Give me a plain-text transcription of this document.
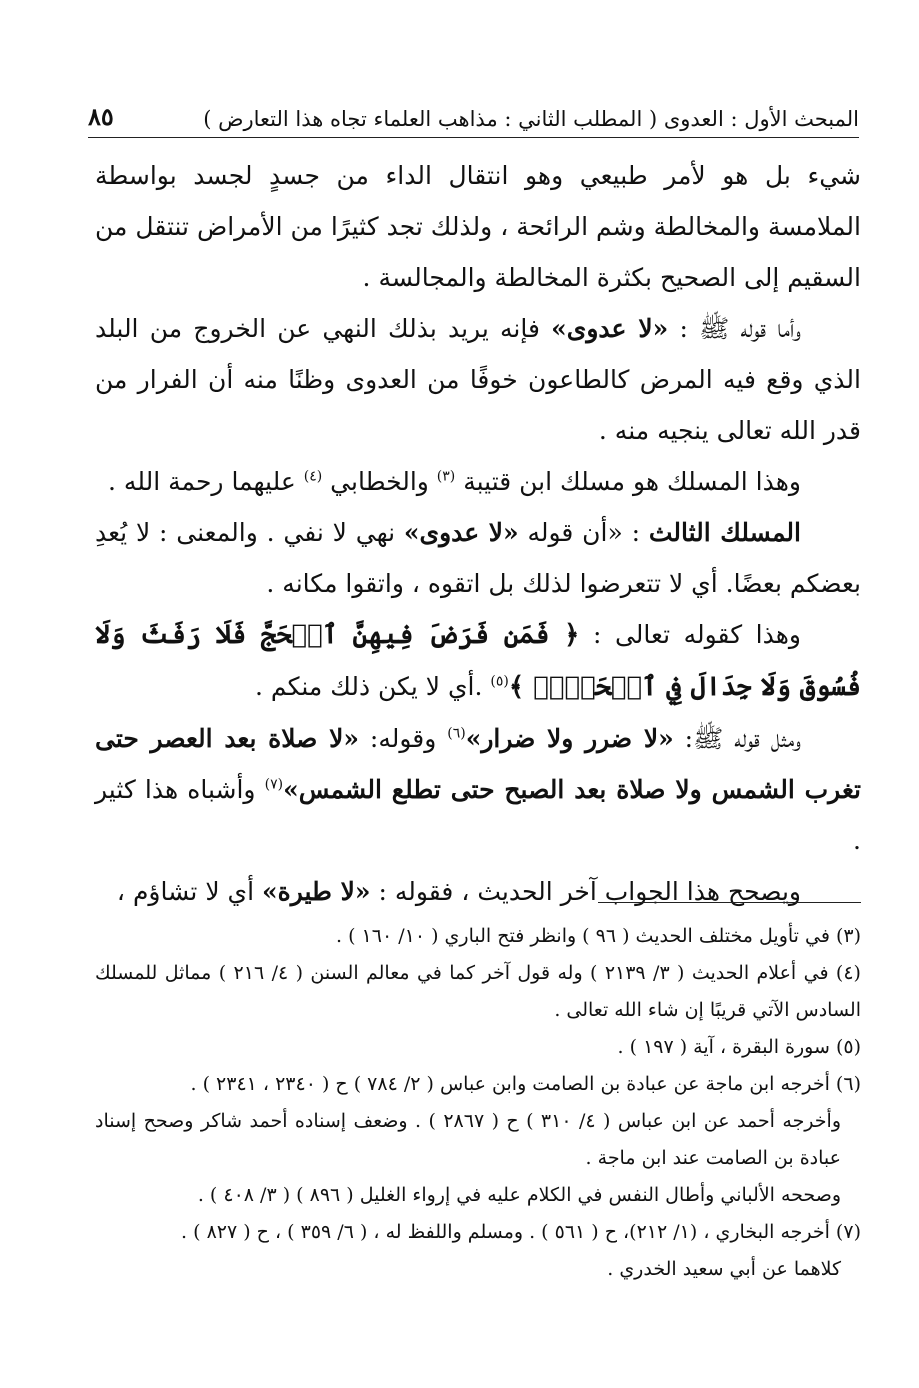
٨٥	المبحث الأول : العدوى ( المطلب الثاني : مذاهب العلماء تجاه هذا التعارض )

شيء بل هو لأمر طبيعي وهو انتقال الداء من جسدٍ لجسد بواسطة الملامسة والمخالطة وشم الرائحة ، ولذلك تجد كثيرًا من الأمراض تنتقل من السقيم إلى الصحيح بكثرة المخالطة والمجالسة .

وأما قوله ﷺ : «لا عدوى» فإنه يريد بذلك النهي عن الخروج من البلد الذي وقع فيه المرض كالطاعون خوفًا من العدوى وظنًا منه أن الفرار من قدر الله تعالى ينجيه منه .

وهذا المسلك هو مسلك ابن قتيبة $^{(٣)}$ والخطابي $^{(٤)}$ عليهما رحمة الله .

المسلك الثالث : «أن قوله «لا عدوى» نهي لا نفي . والمعنى : لا يُعدِ بعضكم بعضًا. أي لا تتعرضوا لذلك بل اتقوه ، واتقوا مكانه .

وهذا كقوله تعالى : ﴿ فَمَن فَرَضَ فِيهِنَّ ٱلۡحَجَّ فَلَا رَفَثَ وَلَا فُسُوقَ وَلَا جِدَالَ فِي ٱلۡحَجِّۗ ﴾$^{(٥)}$ .أي لا يكن ذلك منكم .

ومثل قوله ﷺ: «لا ضرر ولا ضرار»$^{(٦)}$ وقوله: «لا صلاة بعد العصر حتى تغرب الشمس ولا صلاة بعد الصبح حتى تطلع الشمس»$^{(٧)}$ وأشباه هذا كثير .

ويصحح هذا الجواب آخر الحديث ، فقوله : «لا طيرة» أي لا تشاؤم ،

(٣) في تأويل مختلف الحديث ( ٩٦ ) وانظر فتح الباري ( ١٠/ ١٦٠ ) .

(٤) في أعلام الحديث ( ٣/ ٢١٣٩ ) وله قول آخر كما في معالم السنن ( ٤/ ٢١٦ ) مماثل للمسلك السادس الآتي قريبًا إن شاء الله تعالى .

(٥) سورة البقرة ، آية ( ١٩٧ ) .

(٦) أخرجه ابن ماجة عن عبادة بن الصامت وابن عباس ( ٢/ ٧٨٤ ) ح ( ٢٣٤٠ ، ٢٣٤١ ) .

وأخرجه أحمد عن ابن عباس ( ٤/ ٣١٠ ) ح ( ٢٨٦٧ ) . وضعف إسناده أحمد شاكر وصحح إسناد عبادة بن الصامت عند ابن ماجة .

وصححه الألباني وأطال النفس في الكلام عليه في إرواء الغليل ( ٨٩٦ ) ( ٣/ ٤٠٨ ) .

(٧) أخرجه البخاري ، (١/ ٢١٢)، ح ( ٥٦١ ) . ومسلم واللفظ له ، ( ٦/ ٣٥٩ ) ، ح ( ٨٢٧ ) .

كلاهما عن أبي سعيد الخدري .
